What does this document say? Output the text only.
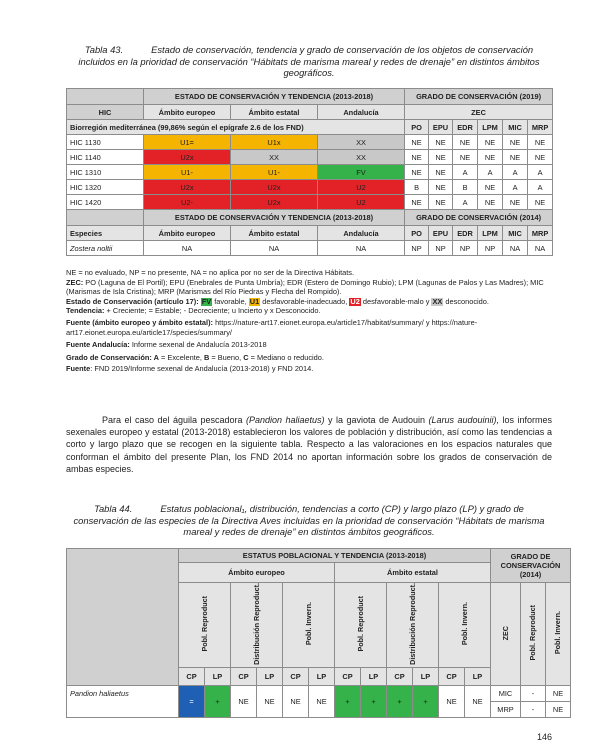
Tabla 43.	Estado de conservación, tendencia y grado de conservación de los objetos de conservación incluidos en la prioridad de conservación “Hábitats de marisma mareal y redes de drenaje” en distintos ámbitos geográficos.
	ESTADO DE CONSERVACIÓN Y TENDENCIA (2013-2018)			GRADO DE CONSERVACIÓN (2019)					
HIC	Ámbito europeo	Ámbito estatal	Andalucía	ZEC					
Biorregión mediterránea (99,86% según el epígrafe 2.6 de los FND)				PO	EPU	EDR	LPM	MIC	MRP
HIC 1130	U1=	U1x	XX	NE	NE	NE	NE	NE	NE
HIC 1140	U2x	XX	XX	NE	NE	NE	NE	NE	NE
HIC 1310	U1-	U1-	FV	NE	NE	A	A	A	A
HIC 1320	U2x	U2x	U2	B	NE	B	NE	A	A
HIC 1420	U2-	U2x	U2	NE	NE	A	NE	NE	NE
	ESTADO DE CONSERVACIÓN Y TENDENCIA (2013-2018)			GRADO DE CONSERVACIÓN (2014)					
Especies	Ámbito europeo	Ámbito estatal	Andalucía	PO	EPU	EDR	LPM	MIC	MRP
Zostera noltii	NA	NA	NA	NP	NP	NP	NP	NA	NA
NE = no evaluado, NP = no presente, NA = no aplica por no ser de la Directiva Hábitats.
ZEC: PO (Laguna de El Portil); EPU (Enebrales de Punta Umbría); EDR (Estero de Domingo Rubio); LPM (Lagunas de Palos y Las Madres); MIC (Marismas de Isla Cristina); MRP (Marismas del Río Piedras y Flecha del Rompido).
Estado de Conservación (artículo 17): FV favorable, U1 desfavorable-inadecuado, U2 desfavorable-malo y XX desconocido.
Tendencia: + Creciente; = Estable; - Decreciente; u Incierto y x Desconocido.
Fuente (ámbito europeo y ámbito estatal): https://nature-art17.eionet.europa.eu/article17/habitat/summary/ y https://nature-art17.eionet.europa.eu/article17/species/summary/
Fuente Andalucía: Informe sexenal de Andalucía 2013-2018
Grado de Conservación: A = Excelente, B = Bueno, C = Mediano o reducido.
Fuente: FND 2019/Informe sexenal de Andalucía (2013-2018) y FND 2014.
Para el caso del águila pescadora (Pandion haliaetus) y la gaviota de Audouin (Larus audouinii), los informes sexenales europeo y estatal (2013-2018) establecieron los valores de población y distribución, así como las tendencias a corto y largo plazo que se recogen en la siguiente tabla. Respecto a las valoraciones en los espacios naturales que conforman el ámbito del presente Plan, los FND 2014 no aportan información sobre los grados de conservación de ambas especies.
Tabla 44.	Estatus poblacional₁, distribución, tendencias a corto (CP) y largo plazo (LP) y grado de conservación de las especies de la Directiva Aves incluidas en la prioridad de conservación “Hábitats de marisma mareal y redes de drenaje” en distintos ámbitos geográficos.
	ESTATUS POBLACIONAL Y TENDENCIA (2013-2018)												GRADO DE CONSERVACIÓN (2014)		
	Ámbito europeo						Ámbito estatal								
	Pobl. Reproduct		Distribución Reproduct.		Pobl. Invern.		Pobl. Reproduct		Distribución Reproduct.		Pobl. Invern.		ZEC	Pobl. Reproduct	Pobl. Invern.
	CP	LP	CP	LP	CP	LP	CP	LP	CP	LP	CP	LP			
Pandion haliaetus	=	+	NE	NE	NE	NE	+	+	+	+	NE	NE	MIC	-	NE
													MRP	-	NE
146
